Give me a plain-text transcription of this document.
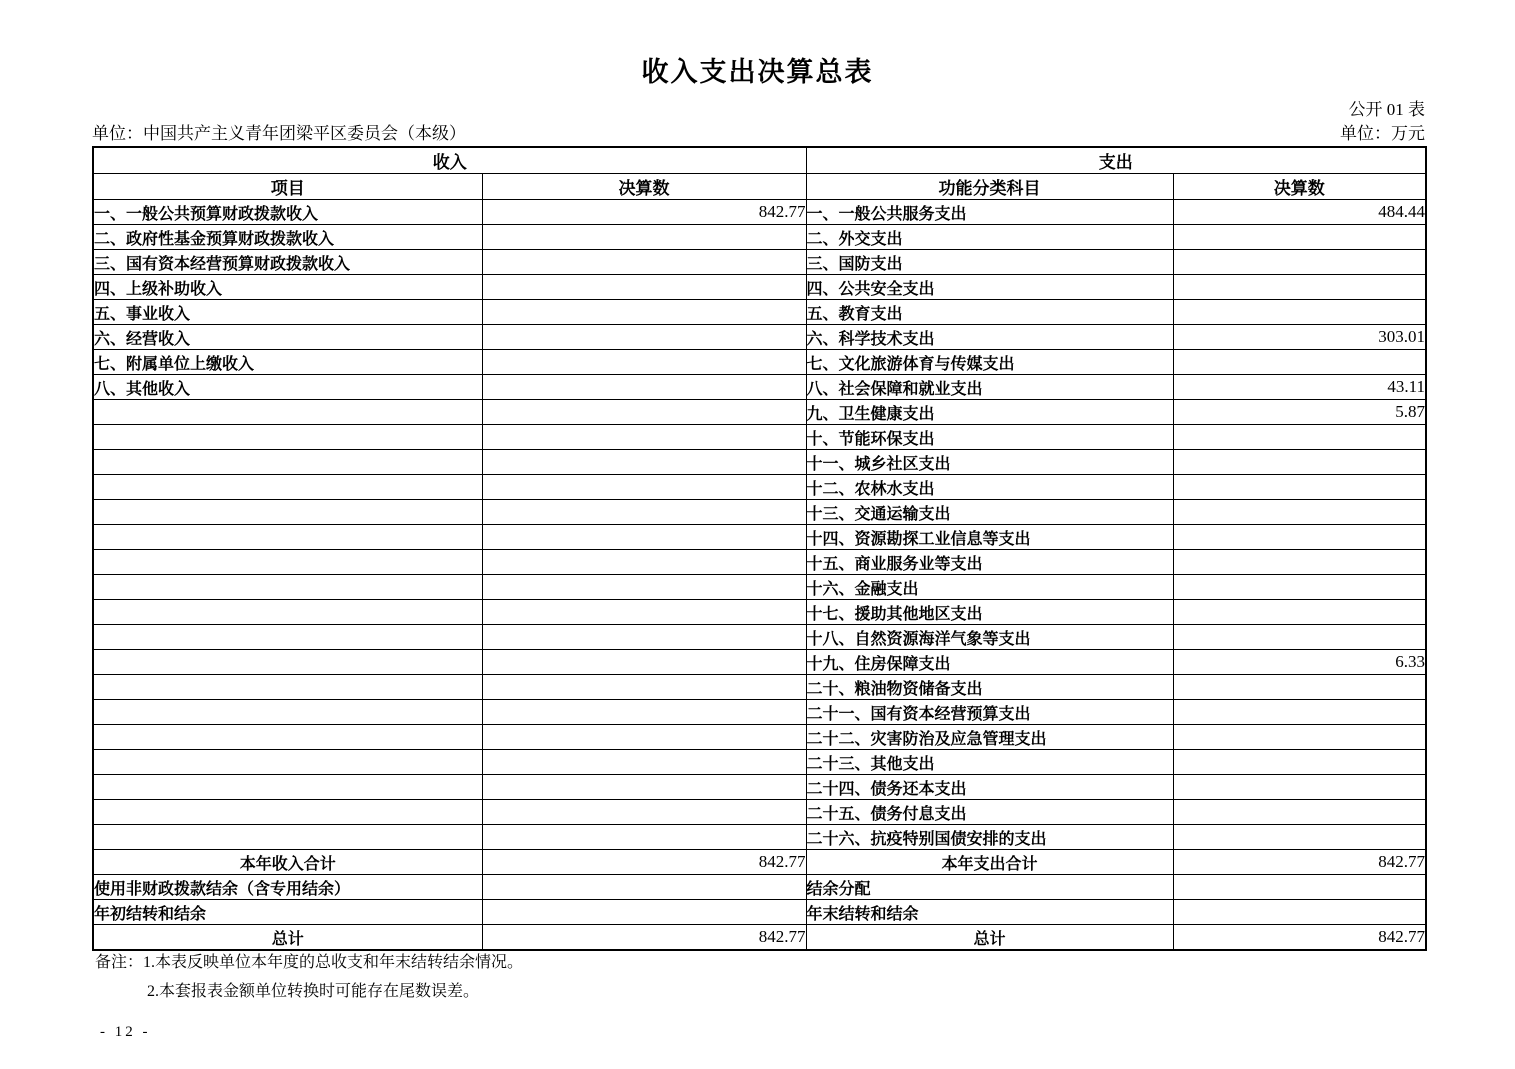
收入支出决算总表
公开 01 表
单位：中国共产主义青年团梁平区委员会（本级）	单位：万元
收入		支出	
项目	决算数	功能分类科目	决算数
一、一般公共预算财政拨款收入	842.77	一、一般公共服务支出	484.44
二、政府性基金预算财政拨款收入		二、外交支出	
三、国有资本经营预算财政拨款收入		三、国防支出	
四、上级补助收入		四、公共安全支出	
五、事业收入		五、教育支出	
六、经营收入		六、科学技术支出	303.01
七、附属单位上缴收入		七、文化旅游体育与传媒支出	
八、其他收入		八、社会保障和就业支出	43.11
		九、卫生健康支出	5.87
		十、节能环保支出	
		十一、城乡社区支出	
		十二、农林水支出	
		十三、交通运输支出	
		十四、资源勘探工业信息等支出	
		十五、商业服务业等支出	
		十六、金融支出	
		十七、援助其他地区支出	
		十八、自然资源海洋气象等支出	
		十九、住房保障支出	6.33
		二十、粮油物资储备支出	
		二十一、国有资本经营预算支出	
		二十二、灾害防治及应急管理支出	
		二十三、其他支出	
		二十四、债务还本支出	
		二十五、债务付息支出	
		二十六、抗疫特别国债安排的支出	
本年收入合计	842.77	本年支出合计	842.77
使用非财政拨款结余（含专用结余）		结余分配	
年初结转和结余		年末结转和结余	
总计	842.77	总计	842.77
备注：1.本表反映单位本年度的总收支和年末结转结余情况。
2.本套报表金额单位转换时可能存在尾数误差。
- 12 -
